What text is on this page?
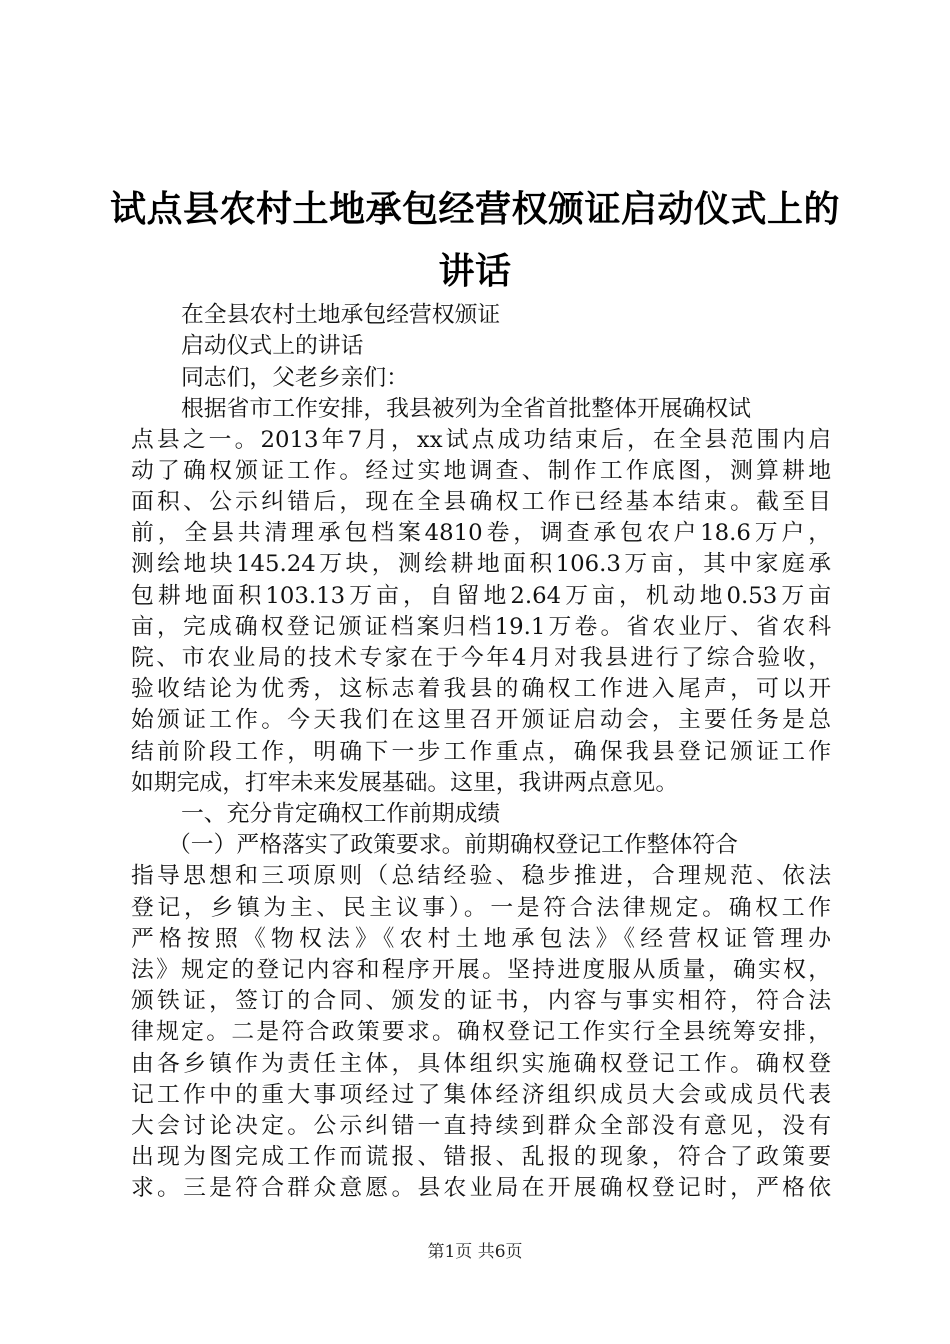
试点县农村土地承包经营权颁证启动仪式上的
讲话
在全县农村土地承包经营权颁证
启动仪式上的讲话
同志们，父老乡亲们：
根据省市工作安排，我县被列为全省首批整体开展确权试
点县之一。2013年7月，xx试点成功结束后，在全县范围内启
动了确权颁证工作。经过实地调查、制作工作底图，测算耕地
面积、公示纠错后，现在全县确权工作已经基本结束。截至目
前，全县共清理承包档案4810卷，调查承包农户18.6万户，
测绘地块145.24万块，测绘耕地面积106.3万亩，其中家庭承
包耕地面积103.13万亩，自留地2.64万亩，机动地0.53万亩
亩，完成确权登记颁证档案归档19.1万卷。省农业厅、省农科
院、市农业局的技术专家在于今年4月对我县进行了综合验收，
验收结论为优秀，这标志着我县的确权工作进入尾声，可以开
始颁证工作。今天我们在这里召开颁证启动会，主要任务是总
结前阶段工作，明确下一步工作重点，确保我县登记颁证工作
如期完成，打牢未来发展基础。这里，我讲两点意见。
一、充分肯定确权工作前期成绩
（一）严格落实了政策要求。前期确权登记工作整体符合
指导思想和三项原则（总结经验、稳步推进，合理规范、依法
登记，乡镇为主、民主议事）。一是符合法律规定。确权工作
严格按照《物权法》《农村土地承包法》《经营权证管理办
法》规定的登记内容和程序开展。坚持进度服从质量，确实权，
颁铁证，签订的合同、颁发的证书，内容与事实相符，符合法
律规定。二是符合政策要求。确权登记工作实行全县统筹安排，
由各乡镇作为责任主体，具体组织实施确权登记工作。确权登
记工作中的重大事项经过了集体经济组织成员大会或成员代表
大会讨论决定。公示纠错一直持续到群众全部没有意见，没有
出现为图完成工作而谎报、错报、乱报的现象，符合了政策要
求。三是符合群众意愿。县农业局在开展确权登记时，严格依
第1页 共6页
